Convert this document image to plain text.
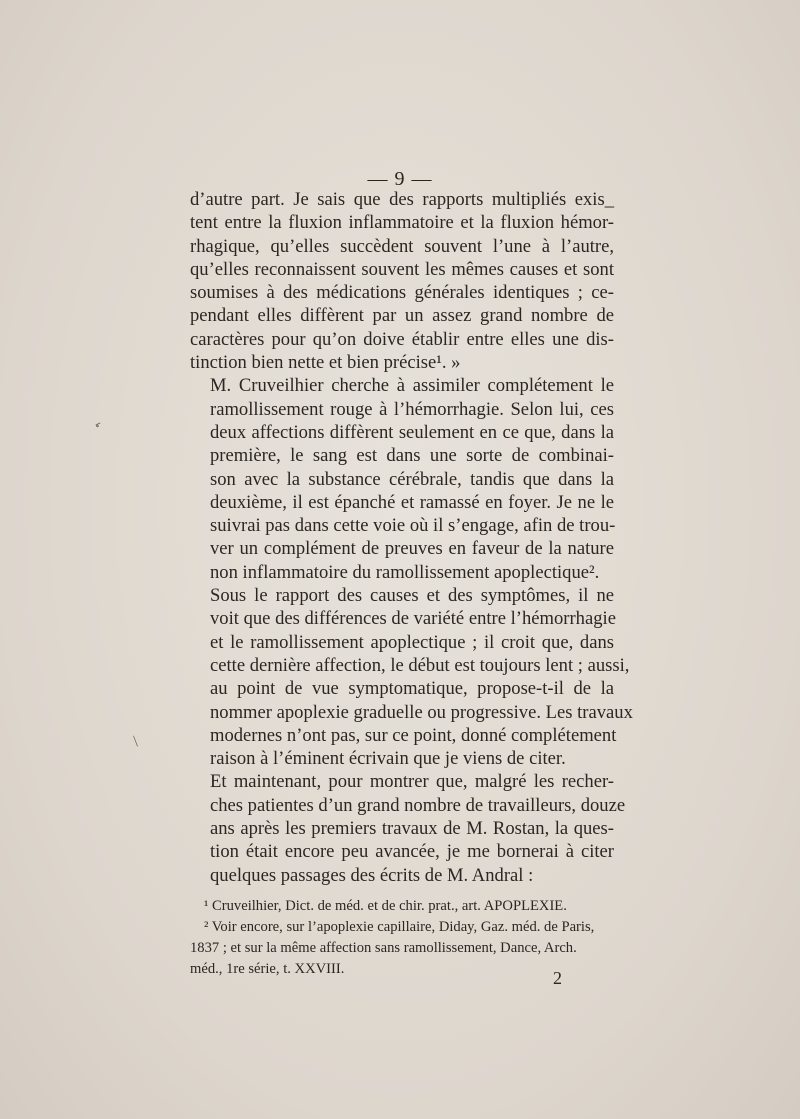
— 9 —

d’autre part. Je sais que des rapports multipliés exis_
tent entre la fluxion inflammatoire et la fluxion hémor-
rhagique, qu’elles succèdent souvent l’une à l’autre,
qu’elles reconnaissent souvent les mêmes causes et sont
soumises à des médications générales identiques ; ce-
pendant elles diffèrent par un assez grand nombre de
caractères pour qu’on doive établir entre elles une dis-
tinction bien nette et bien précise¹. »

M. Cruveilhier cherche à assimiler complétement le
ramollissement rouge à l’hémorrhagie. Selon lui, ces
deux affections diffèrent seulement en ce que, dans la
première, le sang est dans une sorte de combinai-
son avec la substance cérébrale, tandis que dans la
deuxième, il est épanché et ramassé en foyer. Je ne le
suivrai pas dans cette voie où il s’engage, afin de trou-
ver un complément de preuves en faveur de la nature
non inflammatoire du ramollissement apoplectique².

Sous le rapport des causes et des symptômes, il ne
voit que des différences de variété entre l’hémorrhagie
et le ramollissement apoplectique ; il croit que, dans
cette dernière affection, le début est toujours lent ; aussi,
au point de vue symptomatique, propose-t-il de la
nommer apoplexie graduelle ou progressive. Les travaux
modernes n’ont pas, sur ce point, donné complétement
raison à l’éminent écrivain que je viens de citer.

Et maintenant, pour montrer que, malgré les recher-
ches patientes d’un grand nombre de travailleurs, douze
ans après les premiers travaux de M. Rostan, la ques-
tion était encore peu avancée, je me bornerai à citer
quelques passages des écrits de M. Andral :

¹ Cruveilhier, Dict. de méd. et de chir. prat., art. APOPLEXIE.

² Voir encore, sur l’apoplexie capillaire, Diday, Gaz. méd. de Paris,

1837 ; et sur la même affection sans ramollissement, Dance, Arch.

méd., 1re série, t. XXVIII.	2
/
